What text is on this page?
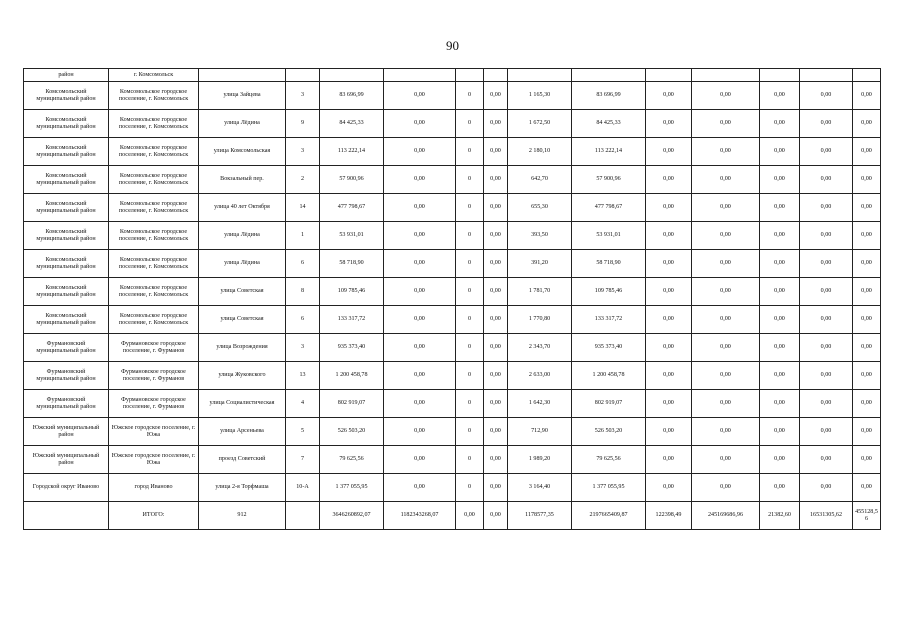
90
район	г. Комсомольск													
Комсомольский муниципальный район	Комсомольское городское поселение, г. Комсомольск	улица Зайцева	3	83 696,99	0,00	0	0,00	1 165,30	83 696,99	0,00	0,00	0,00	0,00	0,00
Комсомольский муниципальный район	Комсомольское городское поселение, г. Комсомольск	улица Лёдина	9	84 425,33	0,00	0	0,00	1 672,50	84 425,33	0,00	0,00	0,00	0,00	0,00
Комсомольский муниципальный район	Комсомольское городское поселение, г. Комсомольск	улица Комсомольская	3	113 222,14	0,00	0	0,00	2 180,10	113 222,14	0,00	0,00	0,00	0,00	0,00
Комсомольский муниципальный район	Комсомольское городское поселение, г. Комсомольск	Вокзальный пер.	2	57 900,96	0,00	0	0,00	642,70	57 900,96	0,00	0,00	0,00	0,00	0,00
Комсомольский муниципальный район	Комсомольское городское поселение, г. Комсомольск	улица 40 лет Октября	14	477 798,67	0,00	0	0,00	655,30	477 798,67	0,00	0,00	0,00	0,00	0,00
Комсомольский муниципальный район	Комсомольское городское поселение, г. Комсомольск	улица Лёдина	1	53 931,01	0,00	0	0,00	393,50	53 931,01	0,00	0,00	0,00	0,00	0,00
Комсомольский муниципальный район	Комсомольское городское поселение, г. Комсомольск	улица Лёдина	6	58 718,90	0,00	0	0,00	391,20	58 718,90	0,00	0,00	0,00	0,00	0,00
Комсомольский муниципальный район	Комсомольское городское поселение, г. Комсомольск	улица Советская	8	109 785,46	0,00	0	0,00	1 781,70	109 785,46	0,00	0,00	0,00	0,00	0,00
Комсомольский муниципальный район	Комсомольское городское поселение, г. Комсомольск	улица Советская	6	133 317,72	0,00	0	0,00	1 770,80	133 317,72	0,00	0,00	0,00	0,00	0,00
Фурмановский муниципальный район	Фурмановское городское поселение, г. Фурманов	улица Возрождения	3	935 373,40	0,00	0	0,00	2 343,70	935 373,40	0,00	0,00	0,00	0,00	0,00
Фурмановский муниципальный район	Фурмановское городское поселение, г. Фурманов	улица Жуковского	13	1 200 458,78	0,00	0	0,00	2 633,00	1 200 458,78	0,00	0,00	0,00	0,00	0,00
Фурмановский муниципальный район	Фурмановское городское поселение, г. Фурманов	улица Социалистическая	4	802 919,07	0,00	0	0,00	1 642,30	802 919,07	0,00	0,00	0,00	0,00	0,00
Южский муниципальный район	Южское городское поселение, г. Южа	улица Арсеньева	5	526 503,20	0,00	0	0,00	712,90	526 503,20	0,00	0,00	0,00	0,00	0,00
Южский муниципальный район	Южское городское поселение, г. Южа	проезд Советский	7	79 625,56	0,00	0	0,00	1 989,20	79 625,56	0,00	0,00	0,00	0,00	0,00
Городской округ Иваново	город Иваново	улица 2-я Торфмаша	10-А	1 377 055,95	0,00	0	0,00	3 164,40	1 377 055,95	0,00	0,00	0,00	0,00	0,00
	ИТОГО:	912		3646260892,07	1182343268,07	0,00	0,00	1178577,35	2197665409,87	122398,49	245169686,96	21382,60	16531305,62	455128,56
